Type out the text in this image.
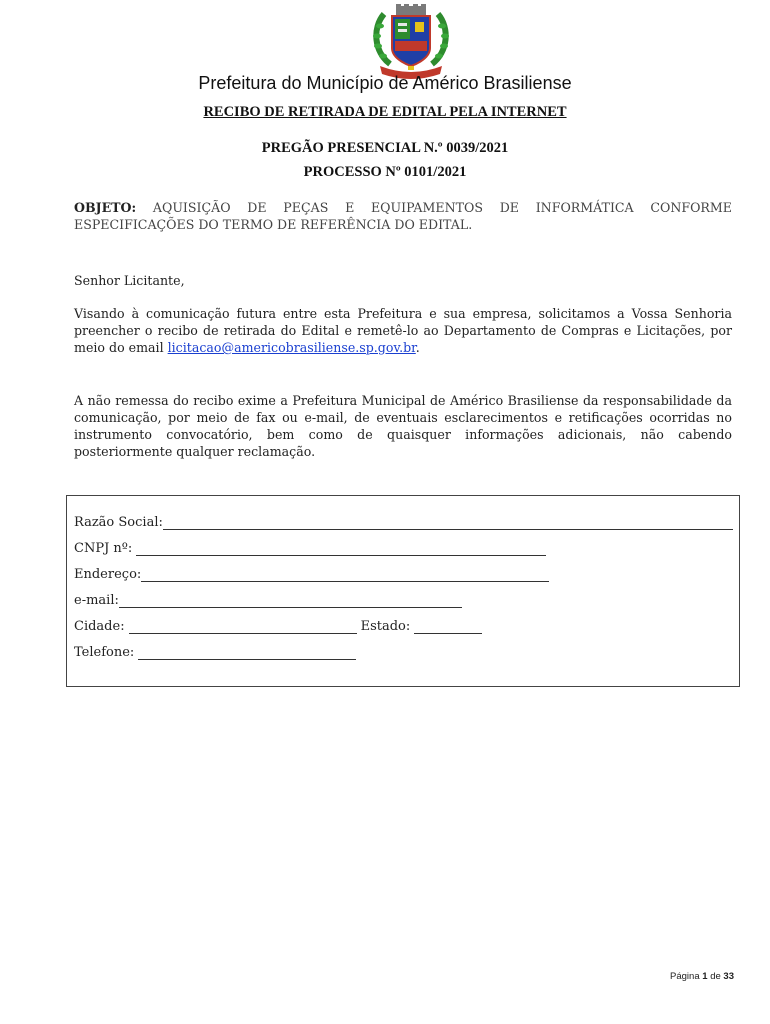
Prefeitura do Município de Américo Brasiliense
RECIBO DE RETIRADA DE EDITAL PELA INTERNET
PREGÃO PRESENCIAL N.º 0039/2021
PROCESSO Nº 0101/2021
OBJETO: AQUISIÇÃO DE PEÇAS E EQUIPAMENTOS DE INFORMÁTICA CONFORME ESPECIFICAÇÕES DO TERMO DE REFERÊNCIA DO EDITAL.
Senhor Licitante,
Visando à comunicação futura entre esta Prefeitura e sua empresa, solicitamos a Vossa Senhoria preencher o recibo de retirada do Edital e remetê-lo ao Departamento de Compras e Licitações, por meio do email licitacao@americobrasiliense.sp.gov.br.
A não remessa do recibo exime a Prefeitura Municipal de Américo Brasiliense da responsabilidade da comunicação, por meio de fax ou e-mail, de eventuais esclarecimentos e retificações ocorridas no instrumento convocatório, bem como de quaisquer informações adicionais, não cabendo posteriormente qualquer reclamação.
Razão Social:
CNPJ nº:
Endereço:
e-mail:
Cidade:	Estado:
Telefone:
Página 1 de 33
